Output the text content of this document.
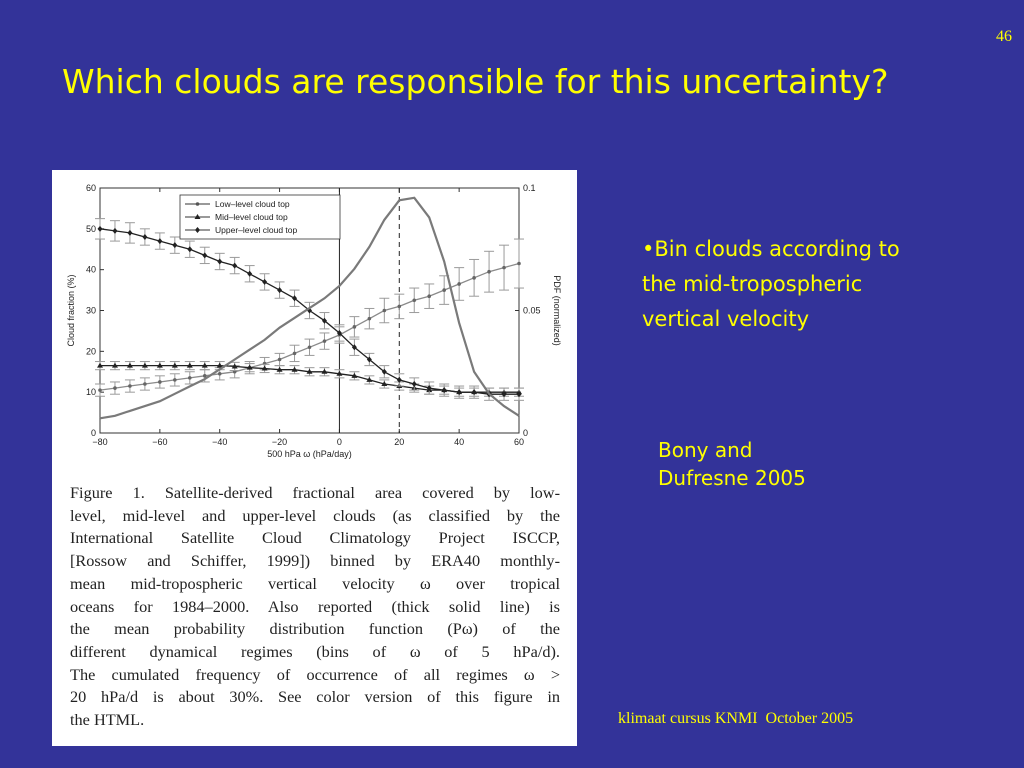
46
Which clouds are responsible for this uncertainty?
−80	−60	−40	−20	0	20	40	60
0
10
20
30
40
50
60
0
0.05
0.1
500 hPa ω (hPa/day)
Cloud fraction (%)	PDF (normalized)
Low–level cloud top
Mid–level cloud top
Upper–level cloud top
Figure 1. Satellite-derived fractional area covered by low-
level, mid-level and upper-level clouds (as classified by the
International Satellite Cloud Climatology Project ISCCP,
[Rossow and Schiffer, 1999]) binned by ERA40 monthly-
mean mid-tropospheric vertical velocity ω over tropical
oceans for 1984–2000. Also reported (thick solid line) is
the mean probability distribution function (Pω) of the
different dynamical regimes (bins of ω of 5 hPa/d).
The cumulated frequency of occurrence of all regimes ω >
20 hPa/d is about 30%. See color version of this figure in
the HTML.
•Bin clouds according to
the mid-tropospheric
vertical velocity
Bony and
Dufresne 2005
klimaat cursus KNMI  October 2005
